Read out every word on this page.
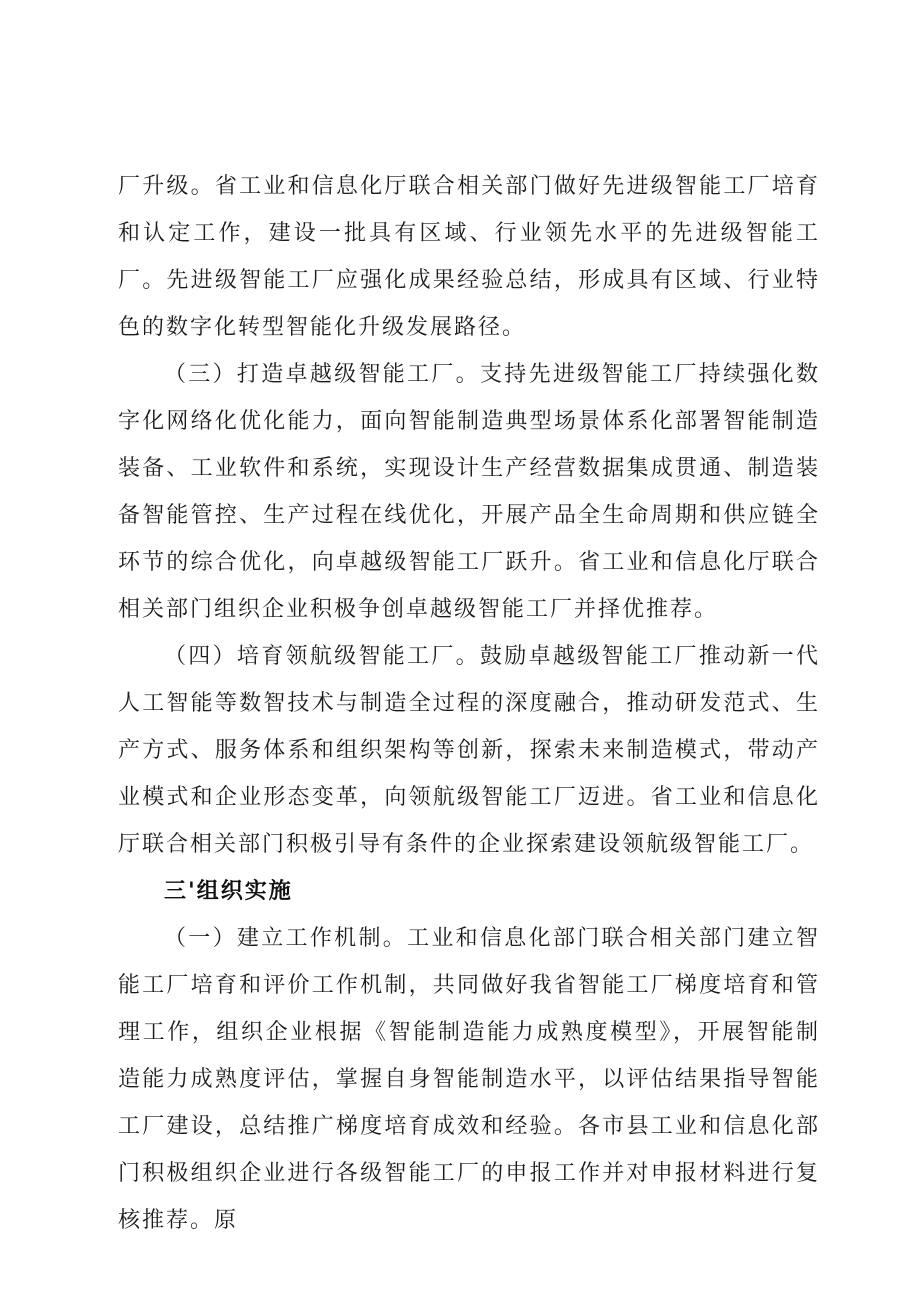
厂升级。省工业和信息化厅联合相关部门做好先进级智能工厂培育和认定工作，建设一批具有区域、行业领先水平的先进级智能工厂。先进级智能工厂应强化成果经验总结，形成具有区域、行业特色的数字化转型智能化升级发展路径。

（三）打造卓越级智能工厂。支持先进级智能工厂持续强化数字化网络化优化能力，面向智能制造典型场景体系化部署智能制造装备、工业软件和系统，实现设计生产经营数据集成贯通、制造装备智能管控、生产过程在线优化，开展产品全生命周期和供应链全环节的综合优化，向卓越级智能工厂跃升。省工业和信息化厅联合相关部门组织企业积极争创卓越级智能工厂并择优推荐。

（四）培育领航级智能工厂。鼓励卓越级智能工厂推动新一代人工智能等数智技术与制造全过程的深度融合，推动研发范式、生产方式、服务体系和组织架构等创新，探索未来制造模式，带动产业模式和企业形态变革，向领航级智能工厂迈进。省工业和信息化厅联合相关部门积极引导有条件的企业探索建设领航级智能工厂。

三'组织实施

（一）建立工作机制。工业和信息化部门联合相关部门建立智能工厂培育和评价工作机制，共同做好我省智能工厂梯度培育和管理工作，组织企业根据《智能制造能力成熟度模型》，开展智能制造能力成熟度评估，掌握自身智能制造水平，以评估结果指导智能工厂建设，总结推广梯度培育成效和经验。各市县工业和信息化部门积极组织企业进行各级智能工厂的申报工作并对申报材料进行复核推荐。原
